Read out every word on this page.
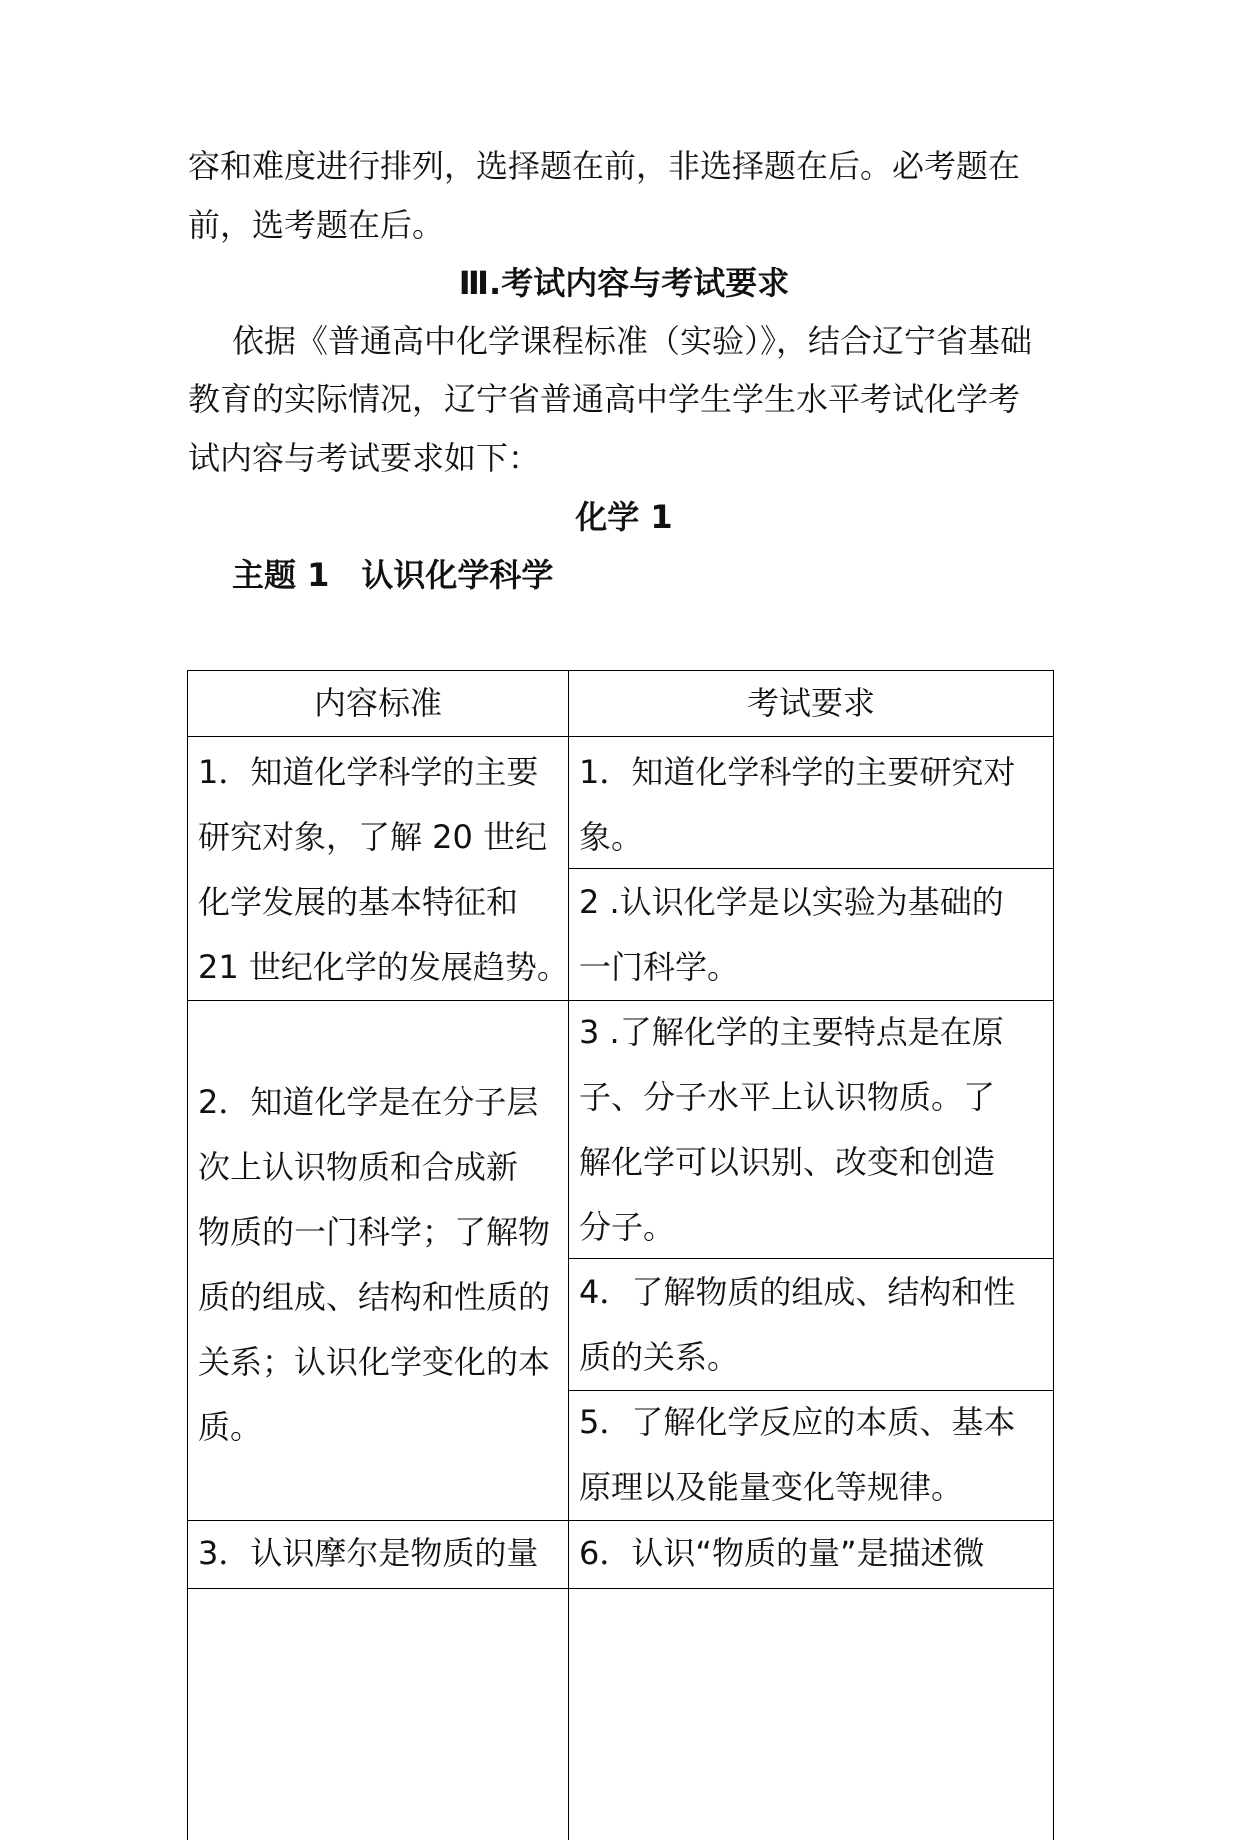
容和难度进行排列，选择题在前，非选择题在后。必考题在
前，选考题在后。
Ⅲ.考试内容与考试要求
依据《普通高中化学课程标准（实验）》，结合辽宁省基础
教育的实际情况，辽宁省普通高中学生学生水平考试化学考
试内容与考试要求如下：
化学 1
主题 1　认识化学科学
内容标准	考试要求
1．知道化学科学的主要
研究对象，了解 20 世纪
化学发展的基本特征和
21 世纪化学的发展趋势。
1．知道化学科学的主要研究对
象。
2 .认识化学是以实验为基础的
一门科学。
2．知道化学是在分子层
次上认识物质和合成新
物质的一门科学；了解物
质的组成、结构和性质的
关系；认识化学变化的本
质。
3 .了解化学的主要特点是在原
子、分子水平上认识物质。了
解化学可以识别、改变和创造
分子。
4．了解物质的组成、结构和性
质的关系。
5．了解化学反应的本质、基本
原理以及能量变化等规律。
3．认识摩尔是物质的量 6．认识“物质的量”是描述微
